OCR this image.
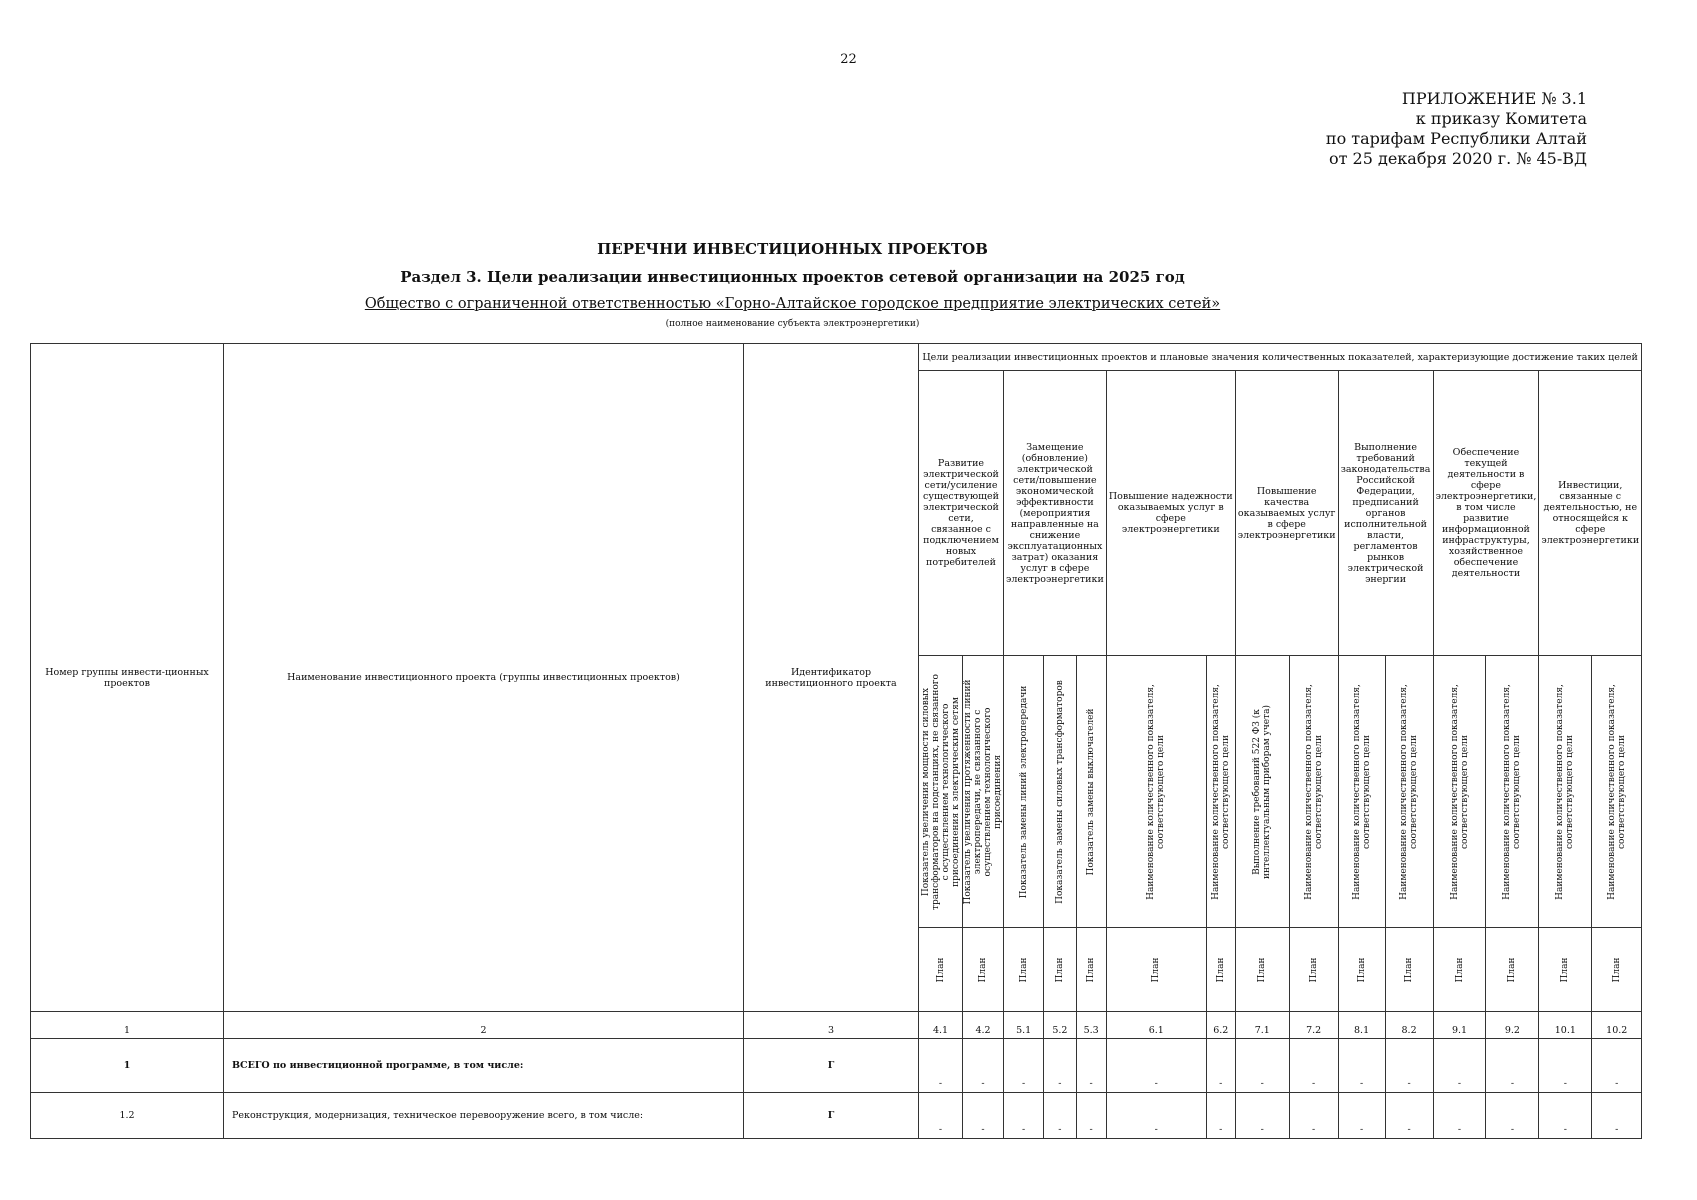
22
ПРИЛОЖЕНИЕ № 3.1
к приказу Комитета
по тарифам Республики Алтай
от 25 декабря 2020 г. № 45-ВД
ПЕРЕЧНИ ИНВЕСТИЦИОННЫХ ПРОЕКТОВ
Раздел 3. Цели реализации инвестиционных проектов сетевой организации на 2025 год
Общество с ограниченной ответственностью «Горно-Алтайское городское предприятие электрических сетей»
(полное наименование субъекта электроэнергетики)
Номер группы инвести-ционных проектов	Наименование инвестиционного проекта (группы инвестиционных проектов)	Идентификатор инвестиционного проекта	Цели реализации инвестиционных проектов и плановые значения количественных показателей, характеризующие достижение таких целей														
			Развитие электрической сети/усиление существующей электрической сети, связанное с подключением новых потребителей		Замещение (обновление) электрической сети/повышение экономической эффективности (мероприятия направленные на снижение эксплуатационных затрат) оказания услуг в сфере электроэнергетики			Повышение надежности оказываемых услуг в сфере электроэнергетики		Повышение качества оказываемых услуг в сфере электроэнергетики		Выполнение требований законодательства Российской Федерации, предписаний органов исполнительной власти, регламентов рынков электрической энергии		Обеспечение текущей деятельности в сфере электроэнергетики, в том числе развитие информационной инфраструктуры, хозяйственное обеспечение деятельности		Инвестиции, связанные с деятельностью, не относящейся к сфере электроэнергетики	

			Показатель увеличения мощности силовых трансформаторов на подстанциях, не связанного с осуществлением технологического присоединения к электрическим сетям	Показатель увеличения протяженности линий электропередачи, не связанного с осуществлением технологического присоединения	Показатель замены линий электропередачи	Показатель замены силовых трансформаторов	Показатель замены выключателей	Наименование количественного показателя, соответствующего цели	Наименование количественного показателя, соответствующего цели	Выполнение требований 522 ФЗ (к интеллектуальным приборам учета)	Наименование количественного показателя, соответствующего цели	Наименование количественного показателя, соответствующего цели	Наименование количественного показателя, соответствующего цели	Наименование количественного показателя, соответствующего цели	Наименование количественного показателя, соответствующего цели	Наименование количественного показателя, соответствующего цели	Наименование количественного показателя, соответствующего цели

			План	План	План	План	План	План	План	План	План	План	План	План	План	План	План

1	2	3	4.1	4.2	5.1	5.2	5.3	6.1	6.2	7.1	7.2	8.1	8.2	9.1	9.2	10.1	10.2
1	ВСЕГО по инвестиционной программе, в том числе:	Г	-	-	-	-	-	-	-	-	-	-	-	-	-	-	-
1.2	Реконструкция, модернизация, техническое перевооружение всего, в том числе:	Г	-	-	-	-	-	-	-	-	-	-	-	-	-	-	-
